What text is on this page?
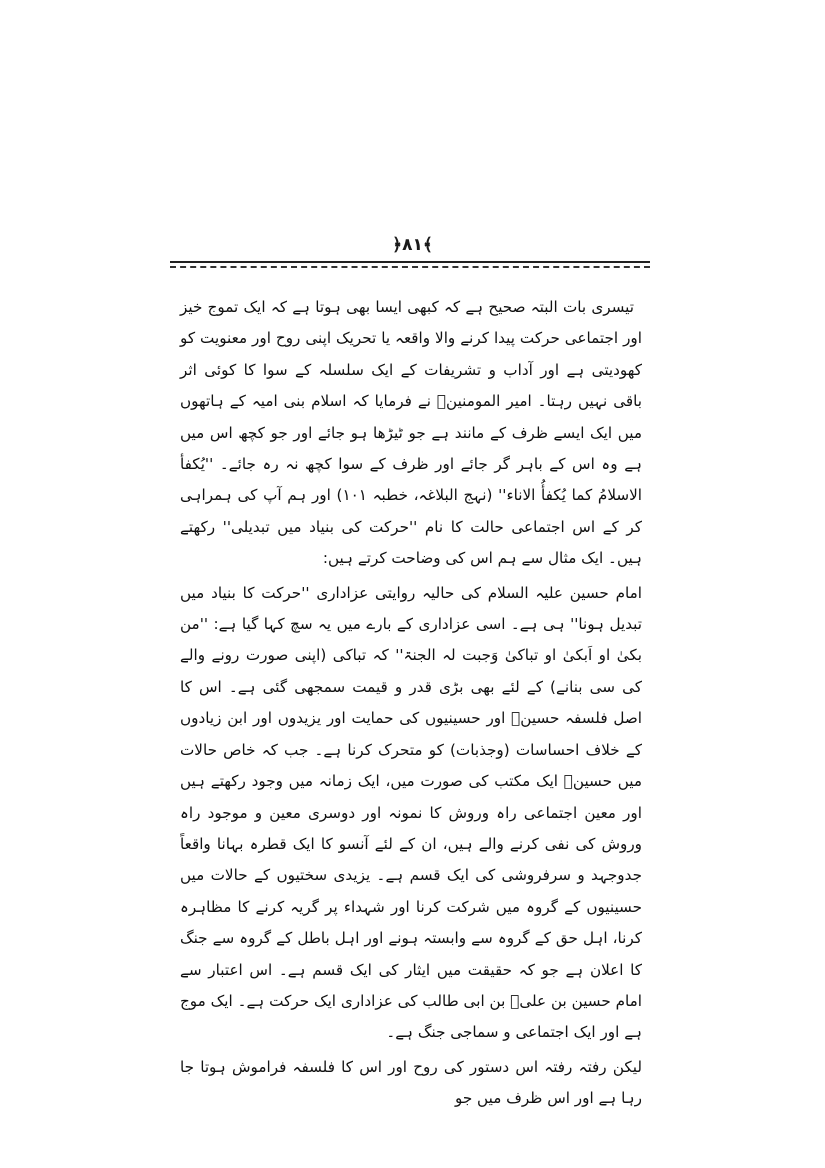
﴿۸۱﴾

تیسری بات البتہ صحیح ہے کہ کبھی ایسا بھی ہوتا ہے کہ ایک تموج خیز اور اجتماعی حرکت پیدا کرنے والا واقعہ یا تحریک اپنی روح اور معنویت کو کھودیتی ہے اور آداب و تشریفات کے ایک سلسلہ کے سوا کا کوئی اثر باقی نہیں رہتا۔ امیر المومنینؑ نے فرمایا کہ اسلام بنی امیہ کے ہاتھوں میں ایک ایسے ظرف کے مانند ہے جو ٹیڑھا ہو جائے اور جو کچھ اس میں ہے وہ اس کے باہر گر جائے اور ظرف کے سوا کچھ نہ رہ جائے۔ ''یُکفأ الاسلامُ کما یُکفأُ الاناء'' (نہج البلاغہ، خطبہ ۱۰۱) اور ہم آپ کی ہمراہی کر کے اس اجتماعی حالت کا نام ''حرکت کی بنیاد میں تبدیلی'' رکھتے ہیں۔ ایک مثال سے ہم اس کی وضاحت کرتے ہیں:

امام حسین علیہ السلام کی حالیہ روایتی عزاداری ''حرکت کا بنیاد میں تبدیل ہونا'' ہی ہے۔ اسی عزاداری کے بارے میں یہ سچ کہا گیا ہے: ''من بکیٰ او اَبکیٰ او تباکیٰ وَجبت لہ الجنۃ'' کہ تباکی (اپنی صورت رونے والے کی سی بنانے) کے لئے بھی بڑی قدر و قیمت سمجھی گئی ہے۔ اس کا اصل فلسفہ حسینؑ اور حسینیوں کی حمایت اور یزیدوں اور ابن زیادوں کے خلاف احساسات (وجذبات) کو متحرک کرنا ہے۔ جب کہ خاص حالات میں حسینؑ ایک مکتب کی صورت میں، ایک زمانہ میں وجود رکھتے ہیں اور معین اجتماعی راہ وروش کا نمونہ اور دوسری معین و موجود راہ وروش کی نفی کرنے والے ہیں، ان کے لئے آنسو کا ایک قطرہ بہانا واقعاً جدوجہد و سرفروشی کی ایک قسم ہے۔ یزیدی سختیوں کے حالات میں حسینیوں کے گروہ میں شرکت کرنا اور شہداء پر گریہ کرنے کا مظاہرہ کرنا، اہل حق کے گروہ سے وابستہ ہونے اور اہل باطل کے گروہ سے جنگ کا اعلان ہے جو کہ حقیقت میں ایثار کی ایک قسم ہے۔ اس اعتبار سے امام حسین بن علیؑ بن ابی طالب کی عزاداری ایک حرکت ہے۔ ایک موج ہے اور ایک اجتماعی و سماجی جنگ ہے۔

لیکن رفتہ رفتہ اس دستور کی روح اور اس کا فلسفہ فراموش ہوتا جا رہا ہے اور اس ظرف میں جو
